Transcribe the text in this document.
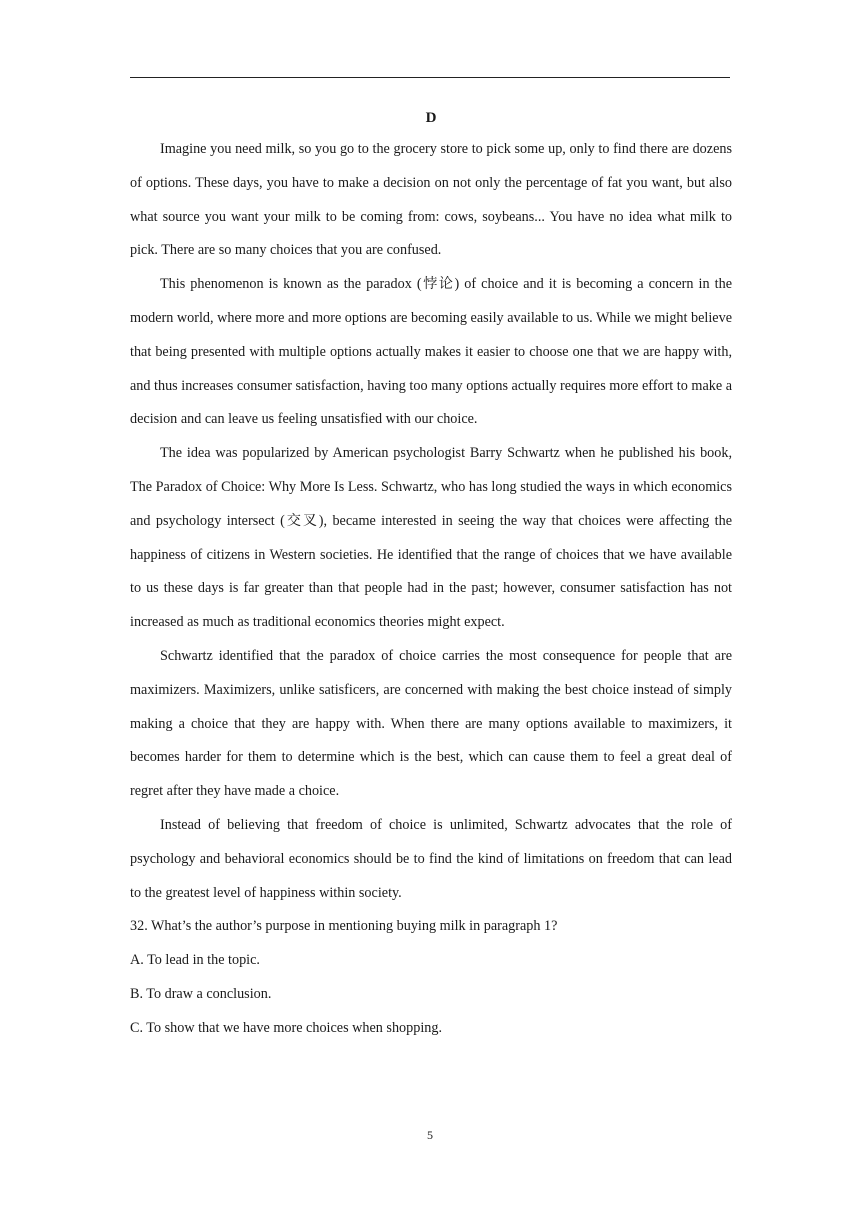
D

Imagine you need milk, so you go to the grocery store to pick some up, only to find there are dozens of options. These days, you have to make a decision on not only the percentage of fat you want, but also what source you want your milk to be coming from: cows, soybeans... You have no idea what milk to pick. There are so many choices that you are confused.

This phenomenon is known as the paradox (悖论) of choice and it is becoming a concern in the modern world, where more and more options are becoming easily available to us. While we might believe that being presented with multiple options actually makes it easier to choose one that we are happy with, and thus increases consumer satisfaction, having too many options actually requires more effort to make a decision and can leave us feeling unsatisfied with our choice.

The idea was popularized by American psychologist Barry Schwartz when he published his book, The Paradox of Choice: Why More Is Less. Schwartz, who has long studied the ways in which economics and psychology intersect (交叉), became interested in seeing the way that choices were affecting the happiness of citizens in Western societies. He identified that the range of choices that we have available to us these days is far greater than that people had in the past; however, consumer satisfaction has not increased as much as traditional economics theories might expect.

Schwartz identified that the paradox of choice carries the most consequence for people that are maximizers. Maximizers, unlike satisficers, are concerned with making the best choice instead of simply making a choice that they are happy with. When there are many options available to maximizers, it becomes harder for them to determine which is the best, which can cause them to feel a great deal of regret after they have made a choice.

Instead of believing that freedom of choice is unlimited, Schwartz advocates that the role of psychology and behavioral economics should be to find the kind of limitations on freedom that can lead to the greatest level of happiness within society.

32. What’s the author’s purpose in mentioning buying milk in paragraph 1?

A. To lead in the topic.

B. To draw a conclusion.

C. To show that we have more choices when shopping.

5
